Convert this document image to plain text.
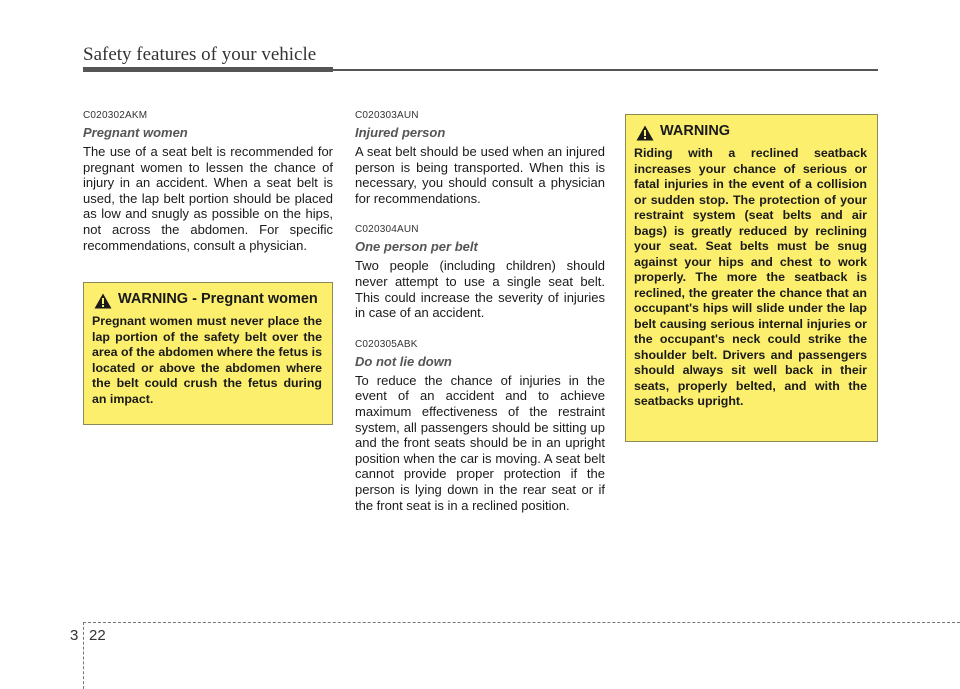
Safety features of your vehicle

C020302AKM

Pregnant women

The use of a seat belt is recommended for pregnant women to lessen the chance of injury in an accident. When a seat belt is used, the lap belt portion should be placed as low and snugly as possible on the hips, not across the abdomen. For specific recommendations, consult a physician.

WARNING - Pregnant women

Pregnant women must never place the lap portion of the safety belt over the area of the abdomen where the fetus is located or above the abdomen where the belt could crush the fetus during an impact.

C020303AUN

Injured person

A seat belt should be used when an injured person is being transported. When this is necessary, you should consult a physician for recommendations.

C020304AUN

One person per belt

Two people (including children) should never attempt to use a single seat belt. This could increase the severity of injuries in case of an accident.

C020305ABK

Do not lie down

To reduce the chance of injuries in the event of an accident and to achieve maximum effectiveness of the restraint system, all passengers should be sitting up and the front seats should be in an upright position when the car is moving. A seat belt cannot provide proper protection if the person is lying down in the rear seat or if the front seat is in a reclined position.

WARNING

Riding with a reclined seatback increases your chance of serious or fatal injuries in the event of a collision or sudden stop. The protection of your restraint system (seat belts and air bags) is greatly reduced by reclining your seat. Seat belts must be snug against your hips and chest to work properly. The more the seatback is reclined, the greater the chance that an occupant's hips will slide under the lap belt causing serious internal injuries or the occupant's neck could strike the shoulder belt. Drivers and passengers should always sit well back in their seats, properly belted, and with the seatbacks upright.

3 22
